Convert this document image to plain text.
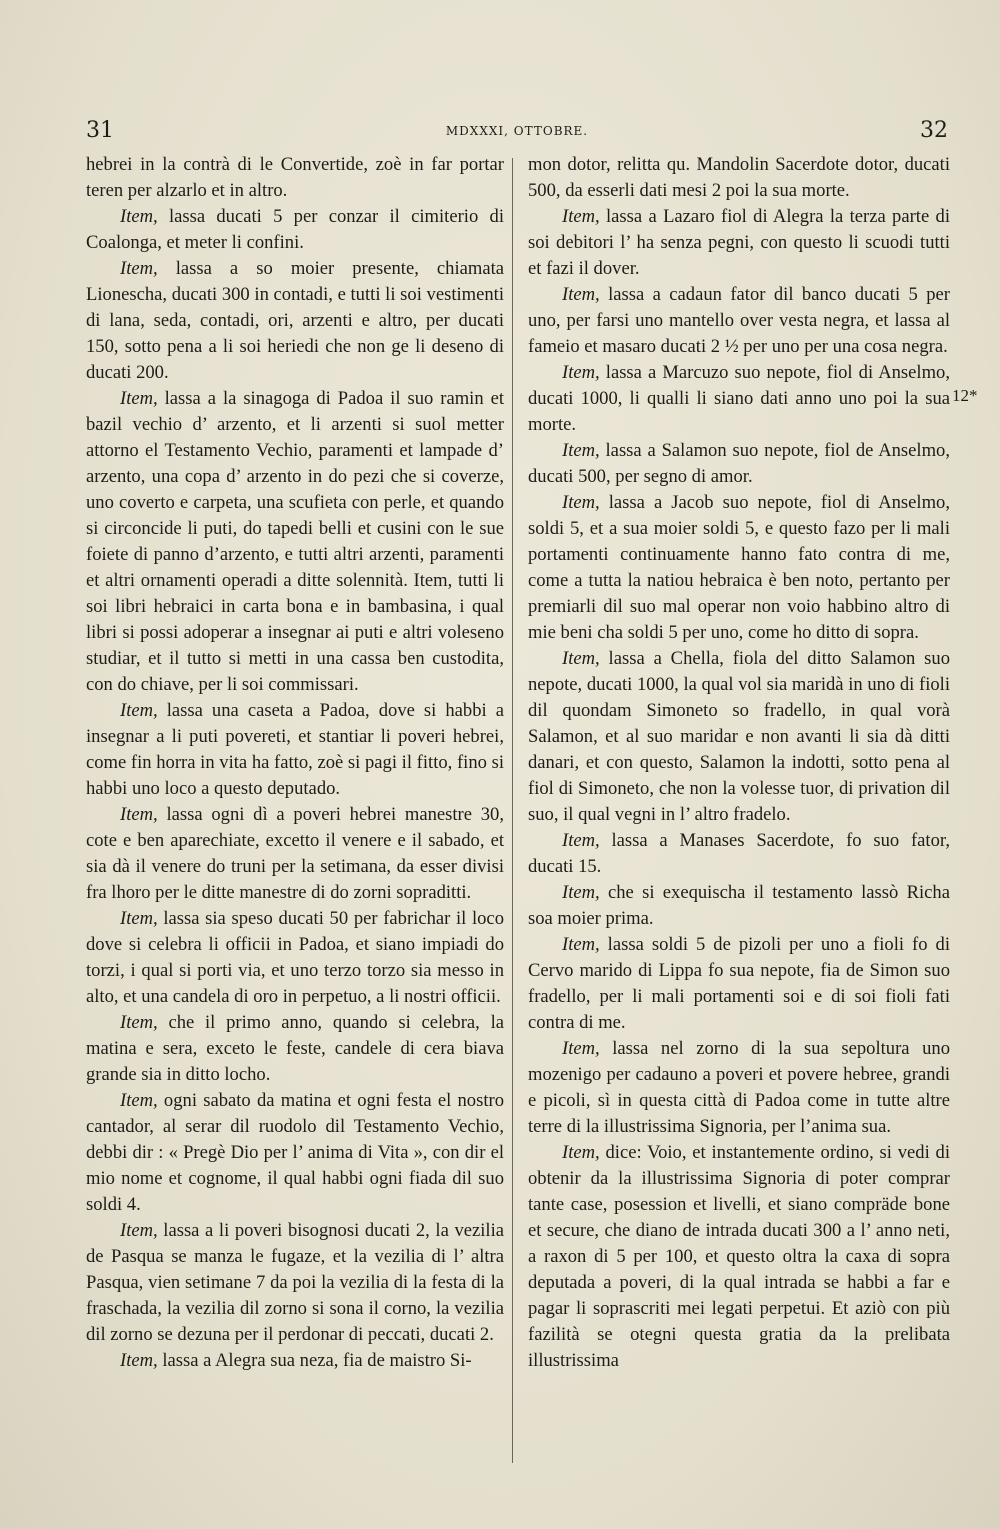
31	MDXXXI, OTTOBRE.	32

hebrei in la contrà di le Convertide, zoè in far portar teren per alzarlo et in altro.

Item, lassa ducati 5 per conzar il cimiterio di Coalonga, et meter li confini.

Item, lassa a so moier presente, chiamata Lionescha, ducati 300 in contadi, e tutti li soi vestimenti di lana, seda, contadi, ori, arzenti e altro, per ducati 150, sotto pena a li soi heriedi che non ge li deseno di ducati 200.

Item, lassa a la sinagoga di Padoa il suo ramin et bazil vechio d’ arzento, et li arzenti si suol metter attorno el Testamento Vechio, paramenti et lampade d’ arzento, una copa d’ arzento in do pezi che si coverze, uno coverto e carpeta, una scufieta con perle, et quando si circoncide li puti, do tapedi belli et cusini con le sue foiete di panno d’arzento, e tutti altri arzenti, paramenti et altri ornamenti operadi a ditte solennità. Item, tutti li soi libri hebraici in carta bona e in bambasina, i qual libri si possi adoperar a insegnar ai puti e altri voleseno studiar, et il tutto si metti in una cassa ben custodita, con do chiave, per li soi commissari.

Item, lassa una caseta a Padoa, dove si habbi a insegnar a li puti povereti, et stantiar li poveri hebrei, come fin horra in vita ha fatto, zoè si pagi il fitto, fino si habbi uno loco a questo deputado.

Item, lassa ogni dì a poveri hebrei manestre 30, cote e ben aparechiate, excetto il venere e il sabado, et sia dà il venere do truni per la setimana, da esser divisi fra lhoro per le ditte manestre di do zorni sopraditti.

Item, lassa sia speso ducati 50 per fabrichar il loco dove si celebra li officii in Padoa, et siano impiadi do torzi, i qual si porti via, et uno terzo torzo sia messo in alto, et una candela di oro in perpetuo, a li nostri officii.

Item, che il primo anno, quando si celebra, la matina e sera, exceto le feste, candele di cera biava grande sia in ditto locho.

Item, ogni sabato da matina et ogni festa el nostro cantador, al serar dil ruodolo dil Testamento Vechio, debbi dir : « Pregè Dio per l’ anima di Vita », con dir el mio nome et cognome, il qual habbi ogni fiada dil suo soldi 4.

Item, lassa a li poveri bisognosi ducati 2, la vezilia de Pasqua se manza le fugaze, et la vezilia di l’ altra Pasqua, vien setimane 7 da poi la vezilia di la festa di la fraschada, la vezilia dil zorno si sona il corno, la vezilia dil zorno se dezuna per il perdonar di peccati, ducati 2.

Item, lassa a Alegra sua neza, fia de maistro Si-

mon dotor, relitta qu. Mandolin Sacerdote dotor, ducati 500, da esserli dati mesi 2 poi la sua morte.

Item, lassa a Lazaro fiol di Alegra la terza parte di soi debitori l’ ha senza pegni, con questo li scuodi tutti et fazi il dover.

Item, lassa a cadaun fator dil banco ducati 5 per uno, per farsi uno mantello over vesta negra, et lassa al fameio et masaro ducati 2 ½ per uno per una cosa negra.

Item, lassa a Marcuzo suo nepote, fiol di Anselmo, ducati 1000, li qualli li siano dati anno uno poi la sua morte.

Item, lassa a Salamon suo nepote, fiol de Anselmo, ducati 500, per segno di amor.

Item, lassa a Jacob suo nepote, fiol di Anselmo, soldi 5, et a sua moier soldi 5, e questo fazo per li mali portamenti continuamente hanno fato contra di me, come a tutta la natiou hebraica è ben noto, pertanto per premiarli dil suo mal operar non voio habbino altro di mie beni cha soldi 5 per uno, come ho ditto di sopra.

Item, lassa a Chella, fiola del ditto Salamon suo nepote, ducati 1000, la qual vol sia maridà in uno di fioli dil quondam Simoneto so fradello, in qual vorà Salamon, et al suo maridar e non avanti li sia dà ditti danari, et con questo, Salamon la indotti, sotto pena al fiol di Simoneto, che non la volesse tuor, di privation dil suo, il qual vegni in l’ altro fradelo.

Item, lassa a Manases Sacerdote, fo suo fator, ducati 15.

Item, che si exequischa il testamento lassò Richa soa moier prima.

Item, lassa soldi 5 de pizoli per uno a fioli fo di Cervo marido di Lippa fo sua nepote, fia de Simon suo fradello, per li mali portamenti soi e di soi fioli fati contra di me.

Item, lassa nel zorno di la sua sepoltura uno mozenigo per cadauno a poveri et povere hebree, grandi e picoli, sì in questa città di Padoa come in tutte altre terre di la illustrissima Signoria, per l’anima sua.

Item, dice: Voio, et instantemente ordino, si vedi di obtenir da la illustrissima Signoria di poter comprar tante case, posession et livelli, et siano compräde bone et secure, che diano de intrada ducati 300 a l’ anno neti, a raxon di 5 per 100, et questo oltra la caxa di sopra deputada a poveri, di la qual intrada se habbi a far e pagar li soprascriti mei legati perpetui. Et aziò con più fazilità se otegni questa gratia da la prelibata illustrissima

12*
